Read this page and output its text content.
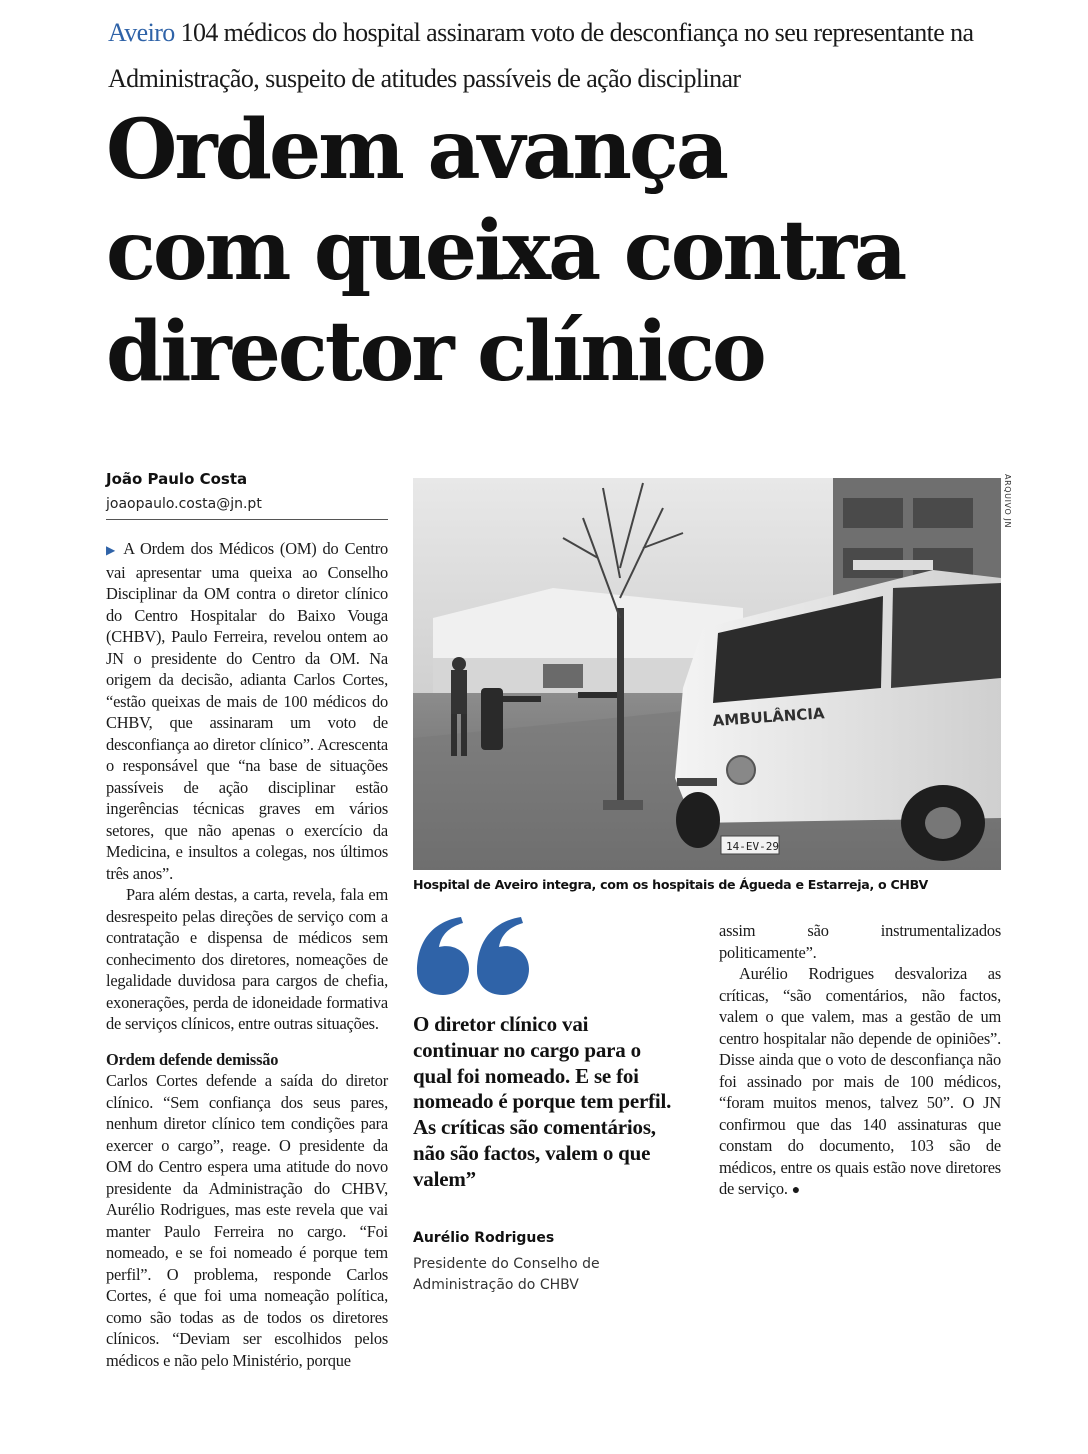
Aveiro 104 médicos do hospital assinaram voto de desconfiança no seu representante na Administração, suspeito de atitudes passíveis de ação disciplinar
Ordem avança
com queixa contra
director clínico
João Paulo Costa
joaopaulo.costa@jn.pt

▶ A Ordem dos Médicos (OM) do Centro vai apresentar uma queixa ao Conselho Disciplinar da OM contra o diretor clínico do Centro Hospitalar do Baixo Vouga (CHBV), Paulo Ferreira, revelou ontem ao JN o presidente do Centro da OM. Na origem da decisão, adianta Carlos Cortes, “estão queixas de mais de 100 médicos do CHBV, que assinaram um voto de desconfiança ao diretor clínico”. Acrescenta o responsável que “na base de situações passíveis de ação disciplinar estão ingerências técnicas graves em vários setores, que não apenas o exercício da Medicina, e insultos a colegas, nos últimos três anos”.

Para além destas, a carta, revela, fala em desrespeito pelas direções de serviço com a contratação e dispensa de médicos sem conhecimento dos diretores, nomeações de legalidade duvidosa para cargos de chefia, exonerações, perda de idoneidade formativa de serviços clínicos, entre outras situações.

Ordem defende demissão

Carlos Cortes defende a saída do diretor clínico. “Sem confiança dos seus pares, nenhum diretor clínico tem condições para exercer o cargo”, reage. O presidente da OM do Centro espera uma atitude do novo presidente da Administração do CHBV, Aurélio Rodrigues, mas este revela que vai manter Paulo Ferreira no cargo. “Foi nomeado, e se foi nomeado é porque tem perfil”. O problema, responde Carlos Cortes, é que foi uma nomeação política, como são todas as de todos os diretores clínicos. “Deviam ser escolhidos pelos médicos e não pelo Ministério, porque

AMBULÂNCIA
14-EV-29
ARQUIVO JN
Hospital de Aveiro integra, com os hospitais de Águeda e Estarreja, o CHBV

O diretor clínico vai continuar no cargo para o qual foi nomeado. E se foi nomeado é porque tem perfil. As críticas são comentários, não são factos, valem o que valem”

Aurélio Rodrigues
Presidente do Conselho de Administração do CHBV

assim são instrumentalizados politicamente”.

Aurélio Rodrigues desvaloriza as críticas, “são comentários, não factos, valem o que valem, mas a gestão de um centro hospitalar não depende de opiniões”. Disse ainda que o voto de desconfiança não foi assinado por mais de 100 médicos, “foram muitos menos, talvez 50”. O JN confirmou que das 140 assinaturas que constam do documento, 103 são de médicos, entre os quais estão nove diretores de serviço. ●
